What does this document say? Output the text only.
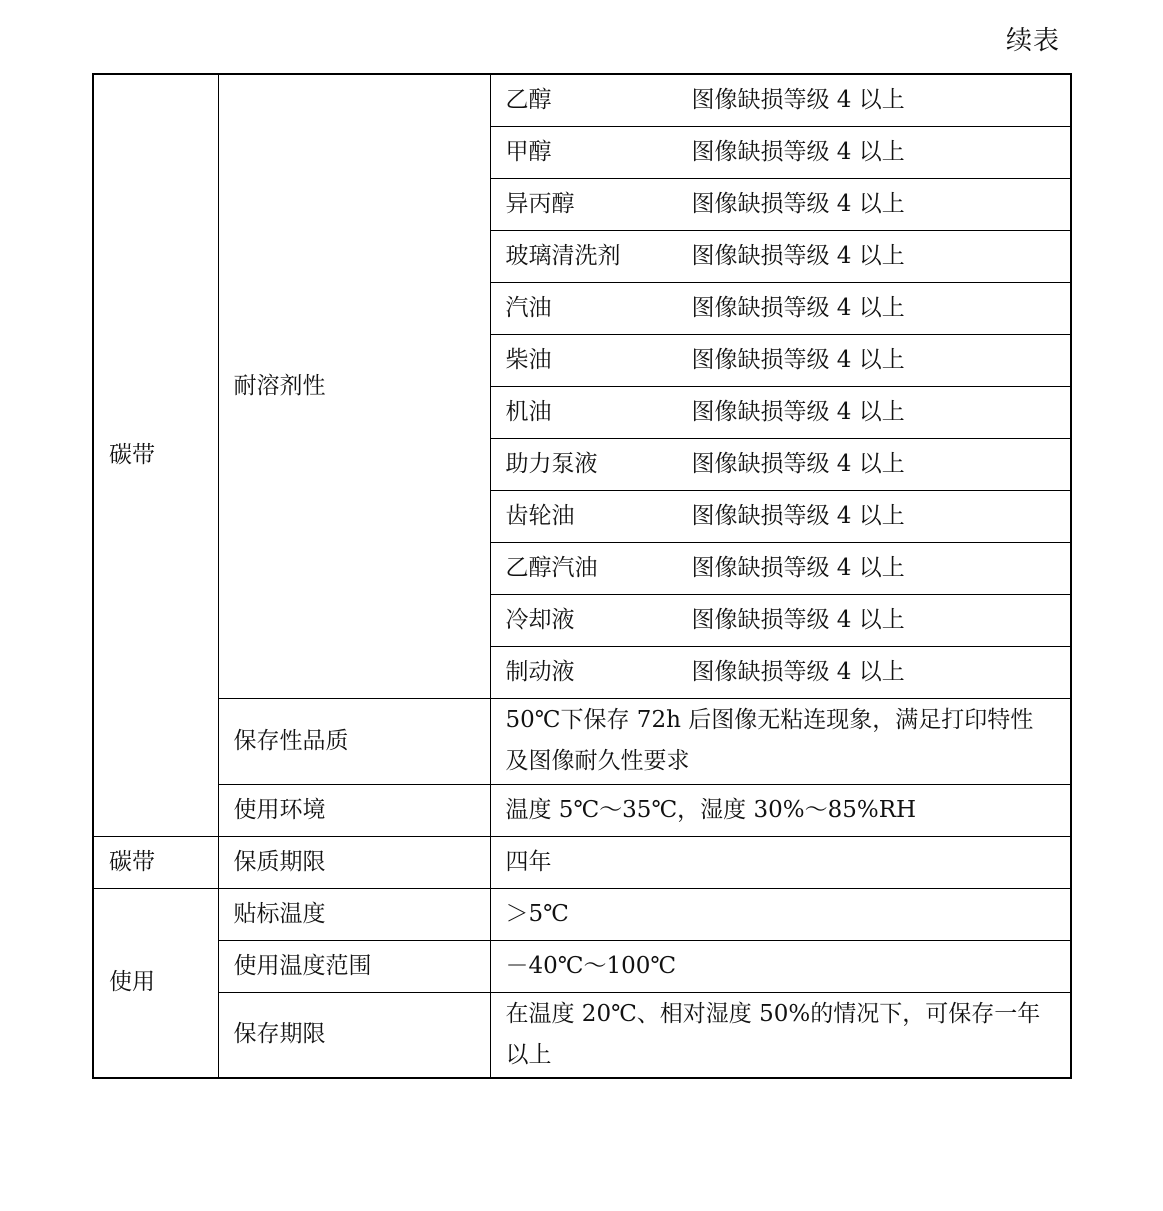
续表
碳带	耐溶剂性	乙醇 图像缺损等级 4 以上
		甲醇 图像缺损等级 4 以上
		异丙醇 图像缺损等级 4 以上
		玻璃清洗剂 图像缺损等级 4 以上
		汽油 图像缺损等级 4 以上
		柴油 图像缺损等级 4 以上
		机油 图像缺损等级 4 以上
		助力泵液 图像缺损等级 4 以上
		齿轮油 图像缺损等级 4 以上
		乙醇汽油 图像缺损等级 4 以上
		冷却液 图像缺损等级 4 以上
		制动液 图像缺损等级 4 以上
	保存性品质	50℃下保存 72h 后图像无粘连现象，满足打印特性及图像耐久性要求
	使用环境	温度 5℃～35℃，湿度 30%～85%RH
碳带	保质期限	四年
使用	贴标温度	＞5℃
	使用温度范围	－40℃～100℃
	保存期限	在温度 20℃、相对湿度 50%的情况下，可保存一年以上
